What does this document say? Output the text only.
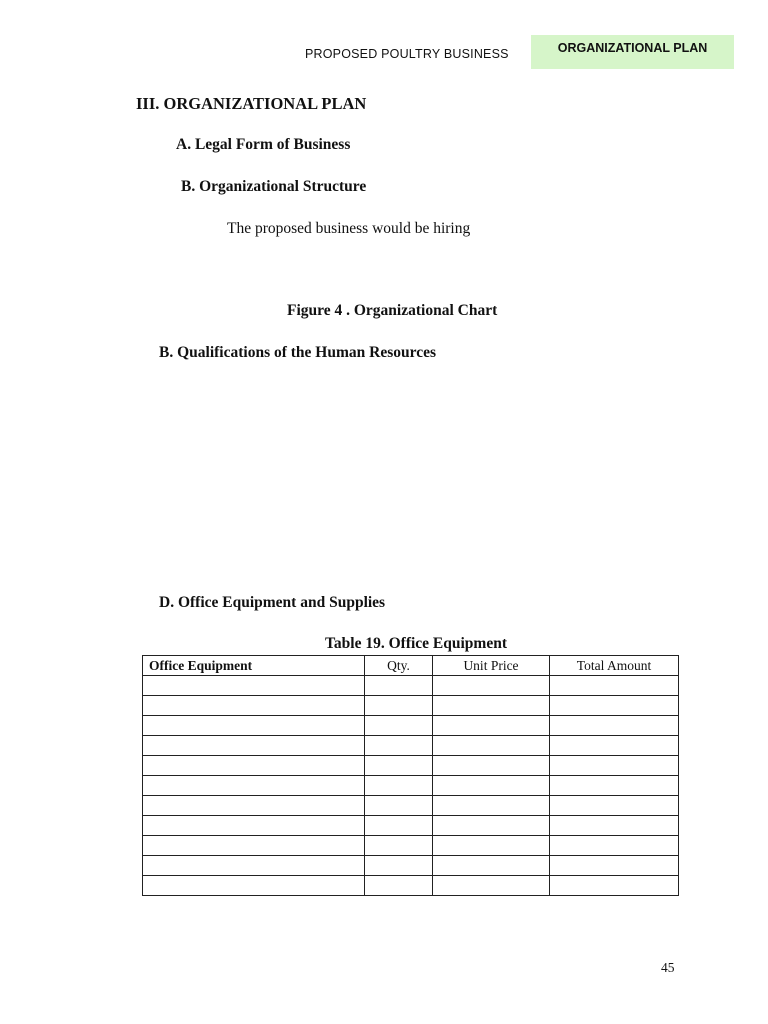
PROPOSED POULTRY BUSINESS	ORGANIZATIONAL PLAN
III. ORGANIZATIONAL PLAN
A. Legal Form of Business
B. Organizational Structure
The proposed business would be hiring
Figure 4 . Organizational Chart
B. Qualifications of the Human Resources
D. Office Equipment and Supplies
Table 19. Office Equipment
Office Equipment	Qty.	Unit Price	Total Amount

45
